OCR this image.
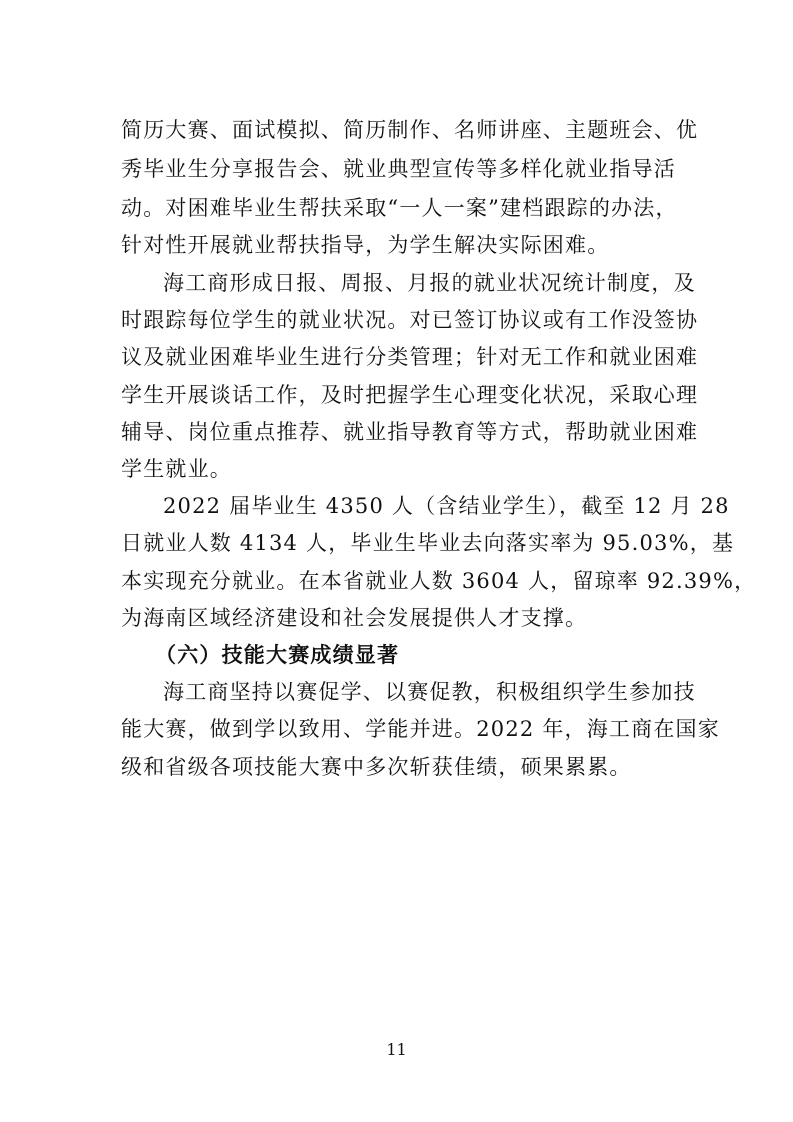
简历大赛、面试模拟、简历制作、名师讲座、主题班会、优
秀毕业生分享报告会、就业典型宣传等多样化就业指导活
动。对困难毕业生帮扶采取“一人一案”建档跟踪的办法，
针对性开展就业帮扶指导，为学生解决实际困难。
海工商形成日报、周报、月报的就业状况统计制度，及
时跟踪每位学生的就业状况。对已签订协议或有工作没签协
议及就业困难毕业生进行分类管理；针对无工作和就业困难
学生开展谈话工作，及时把握学生心理变化状况，采取心理
辅导、岗位重点推荐、就业指导教育等方式，帮助就业困难
学生就业。
2022 届毕业生 4350 人（含结业学生），截至 12 月 28
日就业人数 4134 人，毕业生毕业去向落实率为 95.03%，基
本实现充分就业。在本省就业人数 3604 人，留琼率 92.39%，
为海南区域经济建设和社会发展提供人才支撑。
（六）技能大赛成绩显著
海工商坚持以赛促学、以赛促教，积极组织学生参加技
能大赛，做到学以致用、学能并进。2022 年，海工商在国家
级和省级各项技能大赛中多次斩获佳绩，硕果累累。
11
